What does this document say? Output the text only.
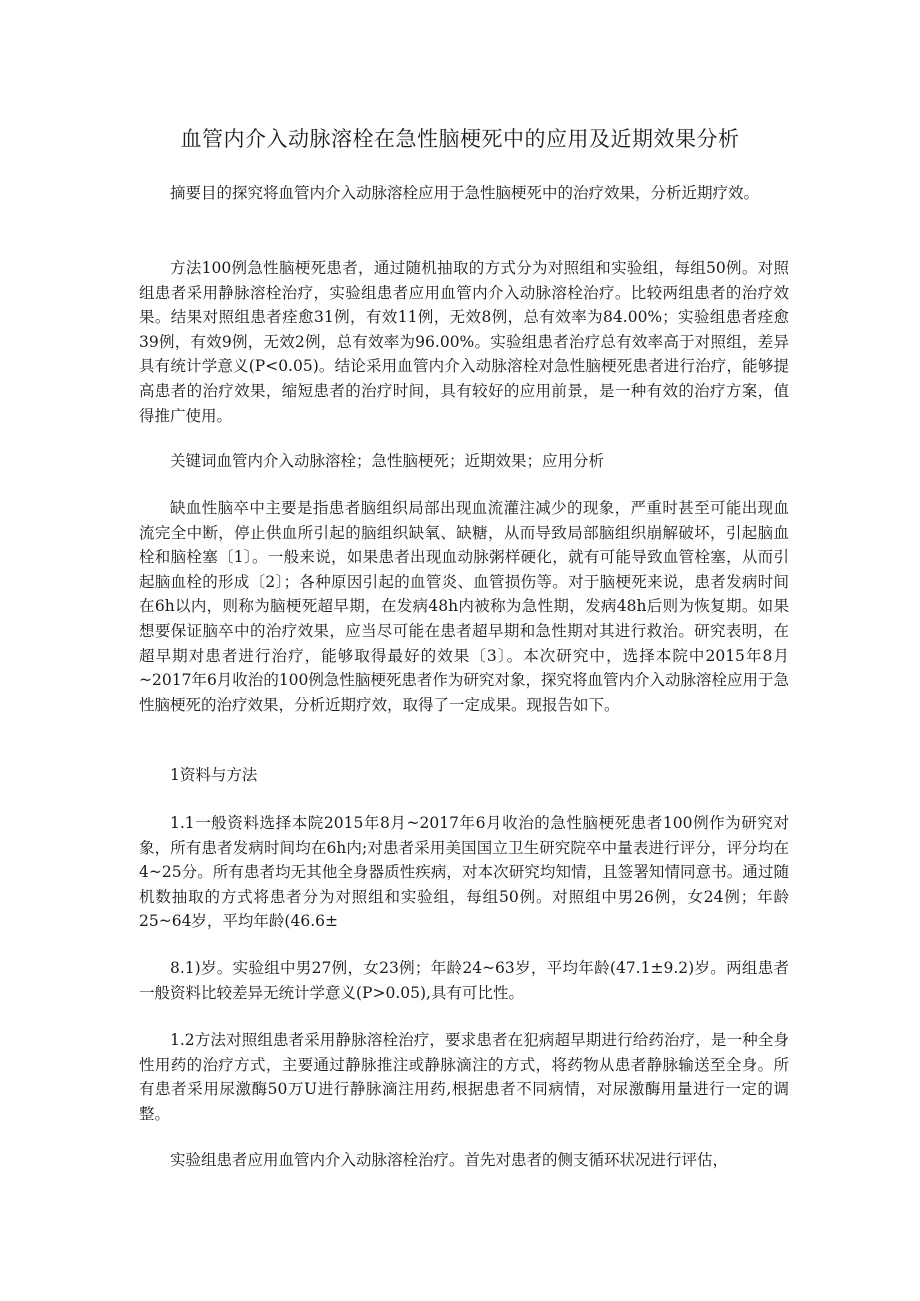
血管内介入动脉溶栓在急性脑梗死中的应用及近期效果分析

摘要目的探究将血管内介入动脉溶栓应用于急性脑梗死中的治疗效果，分析近期疗效。

方法100例急性脑梗死患者，通过随机抽取的方式分为对照组和实验组，每组50例。对照组患者采用静脉溶栓治疗，实验组患者应用血管内介入动脉溶栓治疗。比较两组患者的治疗效果。结果对照组患者痊愈31例，有效11例，无效8例，总有效率为84.00%；实验组患者痊愈39例，有效9例，无效2例，总有效率为96.00%。实验组患者治疗总有效率高于对照组，差异具有统计学意义(P<0.05)。结论采用血管内介入动脉溶栓对急性脑梗死患者进行治疗，能够提高患者的治疗效果，缩短患者的治疗时间，具有较好的应用前景，是一种有效的治疗方案，值得推广使用。

关键词血管内介入动脉溶栓；急性脑梗死；近期效果；应用分析

缺血性脑卒中主要是指患者脑组织局部出现血流灌注减少的现象，严重时甚至可能出现血流完全中断，停止供血所引起的脑组织缺氧、缺糖，从而导致局部脑组织崩解破坏，引起脑血栓和脑栓塞〔1〕。一般来说，如果患者出现血动脉粥样硬化，就有可能导致血管栓塞，从而引起脑血栓的形成〔2〕；各种原因引起的血管炎、血管损伤等。对于脑梗死来说，患者发病时间在6h以内，则称为脑梗死超早期，在发病48h内被称为急性期，发病48h后则为恢复期。如果想要保证脑卒中的治疗效果，应当尽可能在患者超早期和急性期对其进行救治。研究表明，在超早期对患者进行治疗，能够取得最好的效果〔3〕。本次研究中，选择本院中2015年8月~2017年6月收治的100例急性脑梗死患者作为研究对象，探究将血管内介入动脉溶栓应用于急性脑梗死的治疗效果，分析近期疗效，取得了一定成果。现报告如下。

1资料与方法

1.1一般资料选择本院2015年8月~2017年6月收治的急性脑梗死患者100例作为研究对象，所有患者发病时间均在6h内;对患者采用美国国立卫生研究院卒中量表进行评分，评分均在4~25分。所有患者均无其他全身器质性疾病，对本次研究均知情，且签署知情同意书。通过随机数抽取的方式将患者分为对照组和实验组，每组50例。对照组中男26例，女24例；年龄25~64岁，平均年龄(46.6±

8.1)岁。实验组中男27例，女23例；年龄24~63岁，平均年龄(47.1±9.2)岁。两组患者一般资料比较差异无统计学意义(P>0.05),具有可比性。

1.2方法对照组患者采用静脉溶栓治疗，要求患者在犯病超早期进行给药治疗，是一种全身性用药的治疗方式，主要通过静脉推注或静脉滴注的方式，将药物从患者静脉输送至全身。所有患者采用尿激酶50万U进行静脉滴注用药,根据患者不同病情，对尿激酶用量进行一定的调整。

实验组患者应用血管内介入动脉溶栓治疗。首先对患者的侧支循环状况进行评估，
